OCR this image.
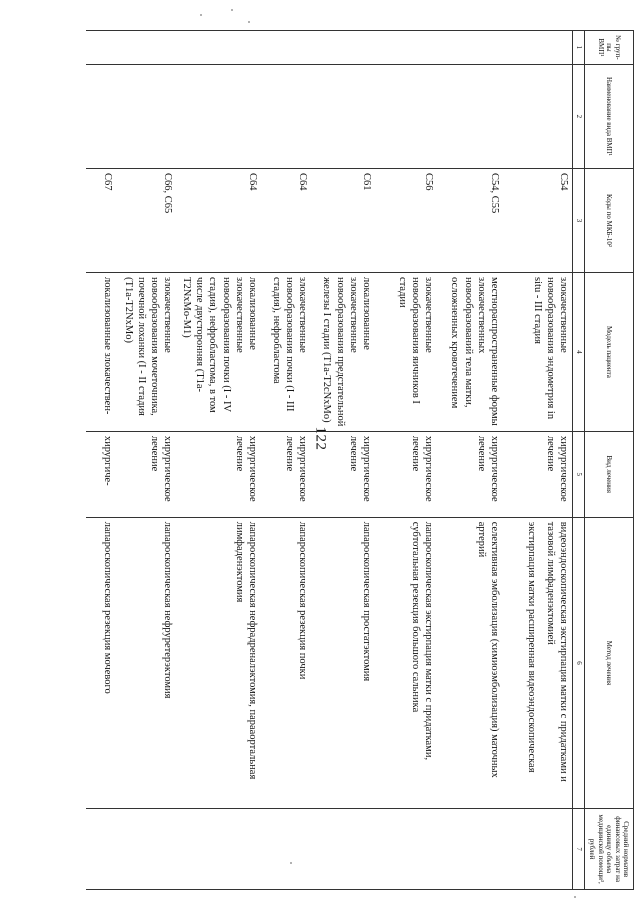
122
№ груп-пы ВМП¹	Наименование вида ВМП¹	Коды по МКБ-10²	Модель пациента	Вид лечения	Метод лечения	Средний норматив финансовых затрат на единицу объема медицинской помощи³, рублей
1	2	3	4	5	6	7
		C54	злокачественные новообразования эндометрия in situ - III стадия	хирургическое лечение	видеоэндоскопическая экстирпация матки с придатками и тазовой лимфаденэктомией
экстирпация матки расширенная видеоэндоскопическая	

		C54, C55	местнораспространенные формы злокачественных новообразований тела матки, осложненных кровотечением	хирургическое лечение	селективная эмболизация (химиоэмболизация) маточных артерий	

		C56	злокачественные новообразования яичников I стадии	хирургическое лечение	лапароскопическая экстирпация матки с придатками, субтотальная резекция большого сальника	

		C61	локализованные злокачественные новообразования предстательной железы I стадии (T1a-T2cNxMo)	хирургическое лечение	лапароскопическая простатэктомия	

		C64	злокачественные новообразования почки (I - III стадия), нефробластома	хирургическое лечение	лапароскопическая резекция почки	

		C64	локализованные злокачественные новообразования почки (I - IV стадия), нефробластома, в том числе двусторонняя (T1a-T2NxMo-M1)	хирургическое лечение	лапароскопическая нефрадреналэктомия, парааортальная лимфаденэктомия	

		C66, C65	злокачественные новообразования мочеточника, почечной лоханки (I - II стадия (T1a-T2NxMo)	хирургическое лечение	лапароскопическая нефруретерэктомия	

		C67	локализованные злокачествен-	хирургиче-	лапароскопическая резекция мочевого	
